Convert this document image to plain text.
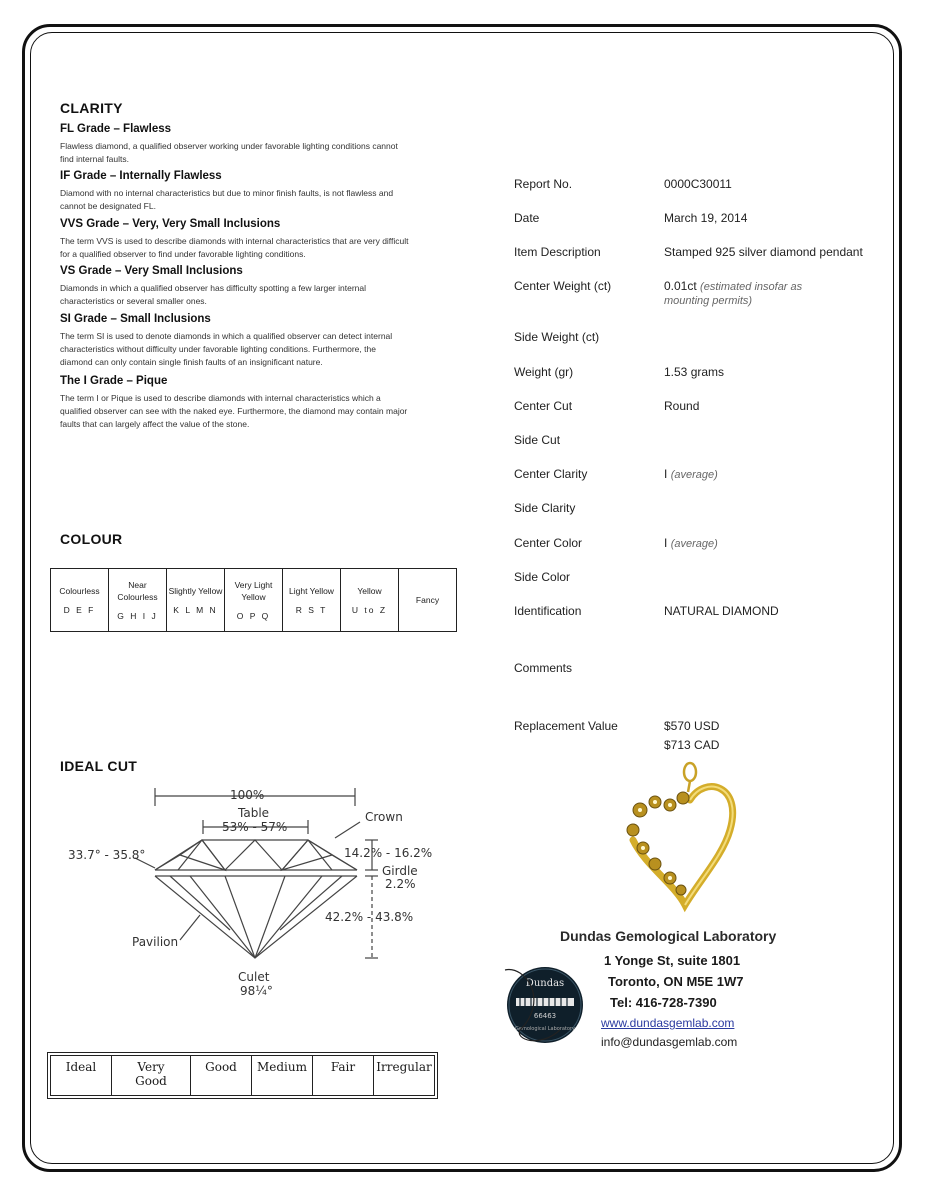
CLARITY
FL Grade – Flawless
Flawless diamond, a qualified observer working under favorable lighting conditions cannot find internal faults.
IF Grade – Internally Flawless
Diamond with no internal characteristics but due to minor finish faults, is not flawless and cannot be designated FL.
VVS Grade – Very, Very Small Inclusions
The term VVS is used to describe diamonds with internal characteristics that are very difficult for a qualified observer to find under favorable lighting conditions.
VS Grade – Very Small Inclusions
Diamonds in which a qualified observer has difficulty spotting a few larger internal characteristics or several smaller ones.
SI Grade – Small Inclusions
The term SI is used to denote diamonds in which a qualified observer can detect internal characteristics without difficulty under favorable lighting conditions. Furthermore, the diamond can only contain single finish faults of an insignificant nature.
The I Grade – Pique
The term I or Pique is used to describe diamonds with internal characteristics which a qualified observer can see with the naked eye. Furthermore, the diamond may contain major faults that can largely affect the value of the stone.
COLOUR
Colourless
D E F

Near Colourless
G H I J

Slightly Yellow
K L M N

Very Light Yellow
O P Q

Light Yellow
R S T

Yellow
U to Z

Fancy
IDEAL CUT
100%
Table
53% - 57%
Crown
33.7° - 35.8°	14.2% - 16.2%
Girdle
2.2%
42.2% - 43.8%
Pavilion
Culet
98¼°
Ideal	Very Good	Good	Medium	Fair	Irregular
Report No.	0000C30011
Date	March 19, 2014
Item Description	Stamped 925 silver diamond pendant
Center Weight (ct)	0.01ct (estimated insofar as mounting permits)
Side Weight (ct)
Weight (gr)	1.53 grams
Center Cut	Round
Side Cut
Center Clarity	I (average)
Side Clarity
Center Color	I (average)
Side Color
Identification	NATURAL DIAMOND
Comments
Replacement Value	$570 USD
$713 CAD
Dundas Gemological Laboratory
1 Yonge St, suite 1801
Toronto, ON M5E 1W7
Tel: 416-728-7390
www.dundasgemlab.com
info@dundasgemlab.com
Dundas
66463
Gemological Laboratory
